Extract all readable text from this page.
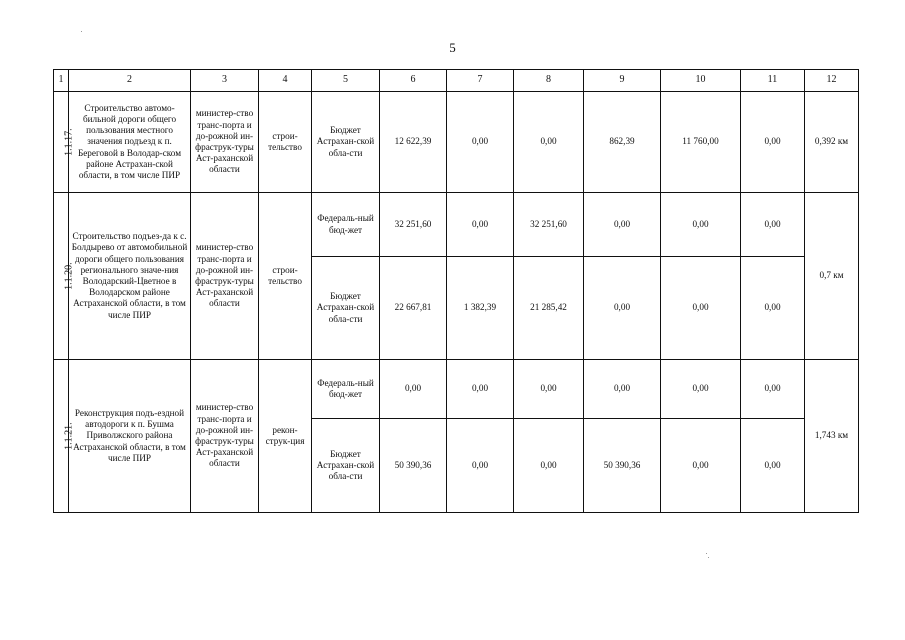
5
1	2	3	4	5	6	7	8	9	10	11	12
1.1.17.	Строительство автомо-бильной дороги общего пользования местного значения подъезд к п. Береговой в Володар-ском районе Астрахан-ской области, в том числе ПИР	министер-ство транс-порта и до-рожной ин-фраструк-туры Аст-раханской области	строи-тельство	Бюджет Астрахан-ской обла-сти	12 622,39	0,00	0,00	862,39	11 760,00	0,00	0,392 км
1.1.20.	Строительство подъез-да к с. Болдырево от автомобильной дороги общего пользования регионального значе-ния Володарский-Цветное в Володарском районе Астраханской области, в том числе ПИР	министер-ство транс-порта и до-рожной ин-фраструк-туры Аст-раханской области	строи-тельство	Федераль-ный бюд-жет	32 251,60	0,00	32 251,60	0,00	0,00	0,00	0,7 км
				Бюджет Астрахан-ской обла-сти	22 667,81	1 382,39	21 285,42	0,00	0,00	0,00	
1.1.21.	Реконструкция подъ-ездной автодороги к п. Бушма Приволжского района Астраханской области, в том числе ПИР	министер-ство транс-порта и до-рожной ин-фраструк-туры Аст-раханской области	рекон-струк-ция	Федераль-ный бюд-жет	0,00	0,00	0,00	0,00	0,00	0,00	1,743 км
				Бюджет Астрахан-ской обла-сти	50 390,36	0,00	0,00	50 390,36	0,00	0,00	
